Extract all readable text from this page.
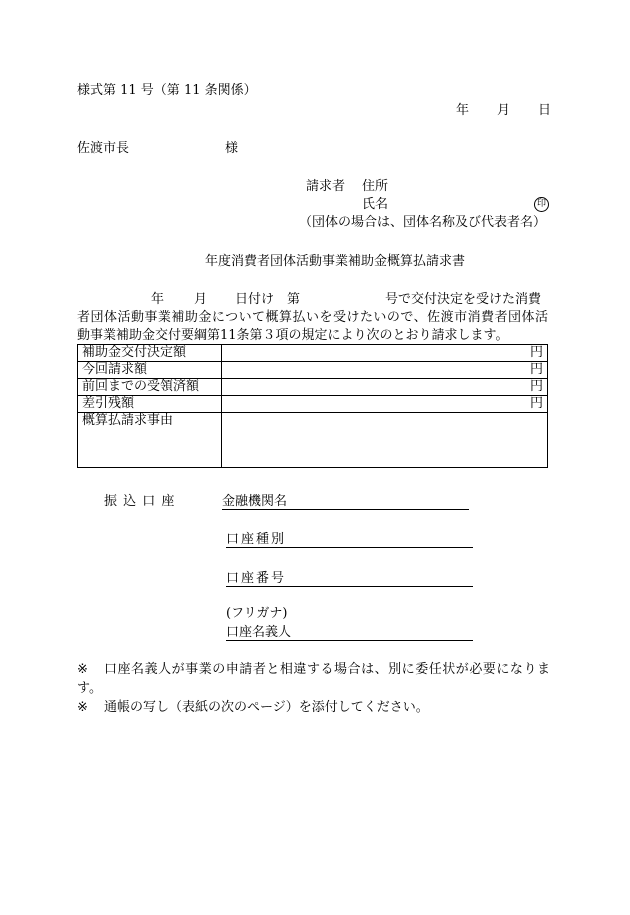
様式第 11 号（第 11 条関係）
年 月 日
佐渡市長	様
請求者 住所
氏名	印
（団体の場合は、団体名称及び代表者名）
年度消費者団体活動事業補助金概算払請求書
年 月 日付け 第	号で交付決定を受けた消費
者団体活動事業補助金について概算払いを受けたいので、佐渡市消費者団体活
動事業補助金交付要綱第11条第３項の規定により次のとおり請求します。
補助金交付決定額	円
今回請求額	円
前回までの受領済額	円
差引残額	円
概算払請求事由	
振 込 口 座	金融機関名
口座種別
口座番号
(フリガナ)
口座名義人
※ 口座名義人が事業の申請者と相違する場合は、別に委任状が必要になりま
す。
※ 通帳の写し（表紙の次のページ）を添付してください。
